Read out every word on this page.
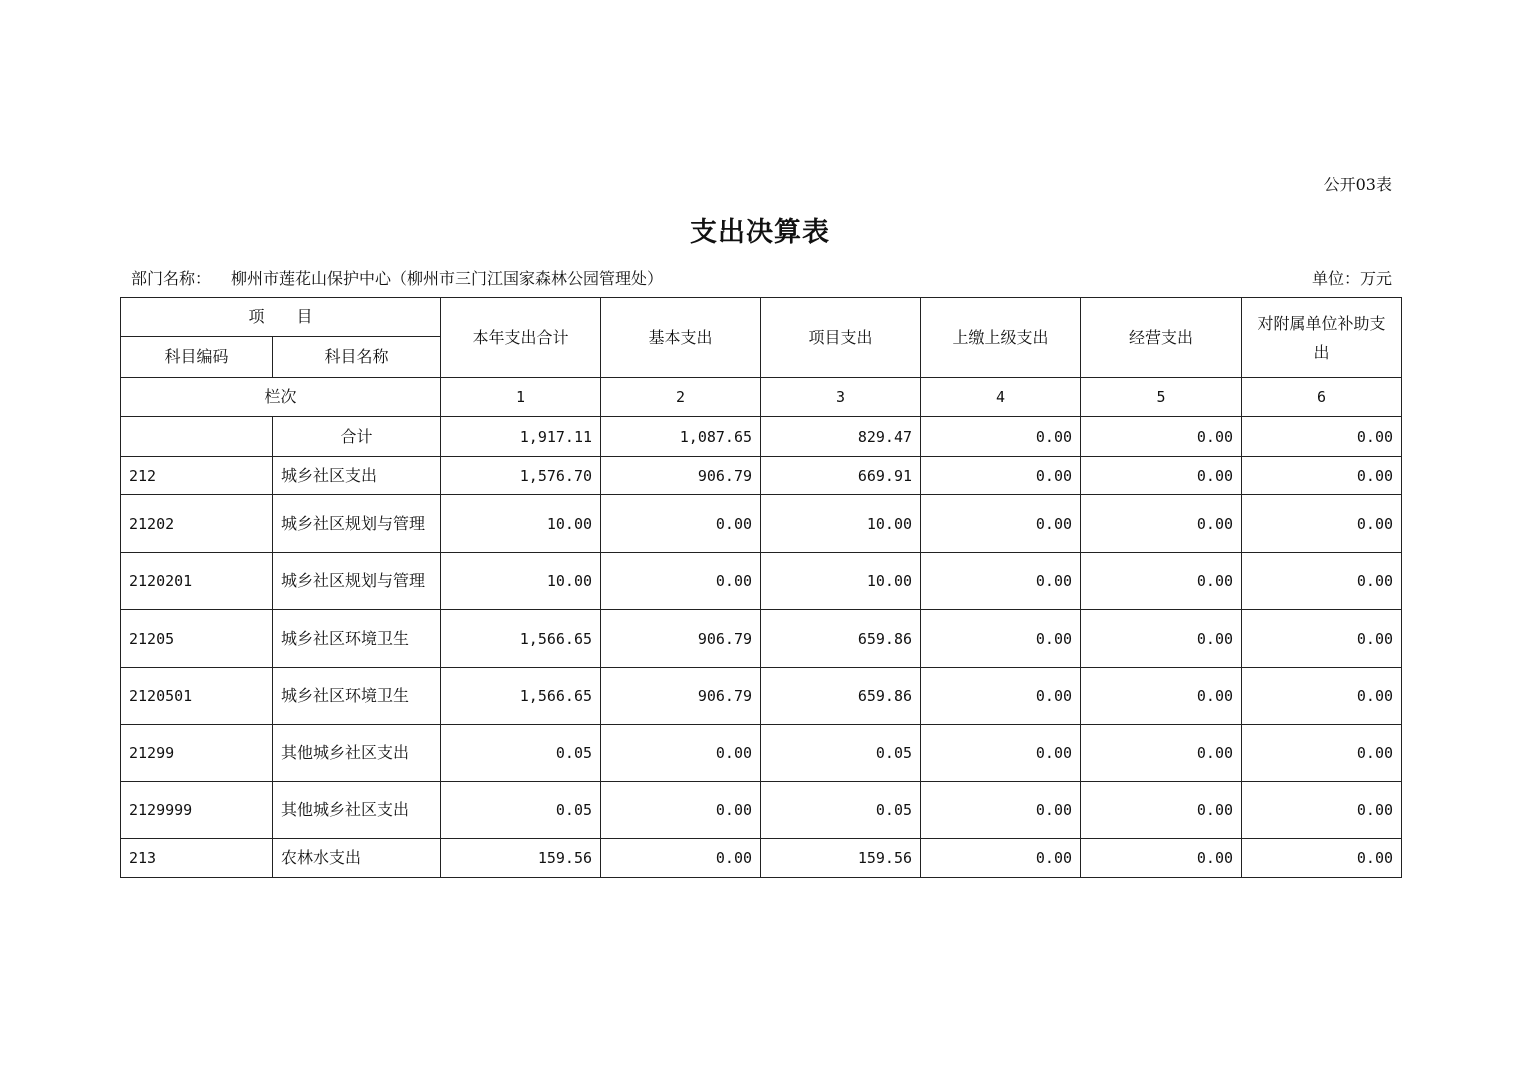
公开03表
支出决算表
部门名称： 柳州市莲花山保护中心（柳州市三门江国家森林公园管理处）	单位：万元
项　　目		本年支出合计	基本支出	项目支出	上缴上级支出	经营支出	对附属单位补助支出
科目编码	科目名称						
栏次		1	2	3	4	5	6
	合计	1,917.11	1,087.65	829.47	0.00	0.00	0.00
212	城乡社区支出	1,576.70	906.79	669.91	0.00	0.00	0.00
21202	城乡社区规划与管理	10.00	0.00	10.00	0.00	0.00	0.00
2120201	城乡社区规划与管理	10.00	0.00	10.00	0.00	0.00	0.00
21205	城乡社区环境卫生	1,566.65	906.79	659.86	0.00	0.00	0.00
2120501	城乡社区环境卫生	1,566.65	906.79	659.86	0.00	0.00	0.00
21299	其他城乡社区支出	0.05	0.00	0.05	0.00	0.00	0.00
2129999	其他城乡社区支出	0.05	0.00	0.05	0.00	0.00	0.00
213	农林水支出	159.56	0.00	159.56	0.00	0.00	0.00
